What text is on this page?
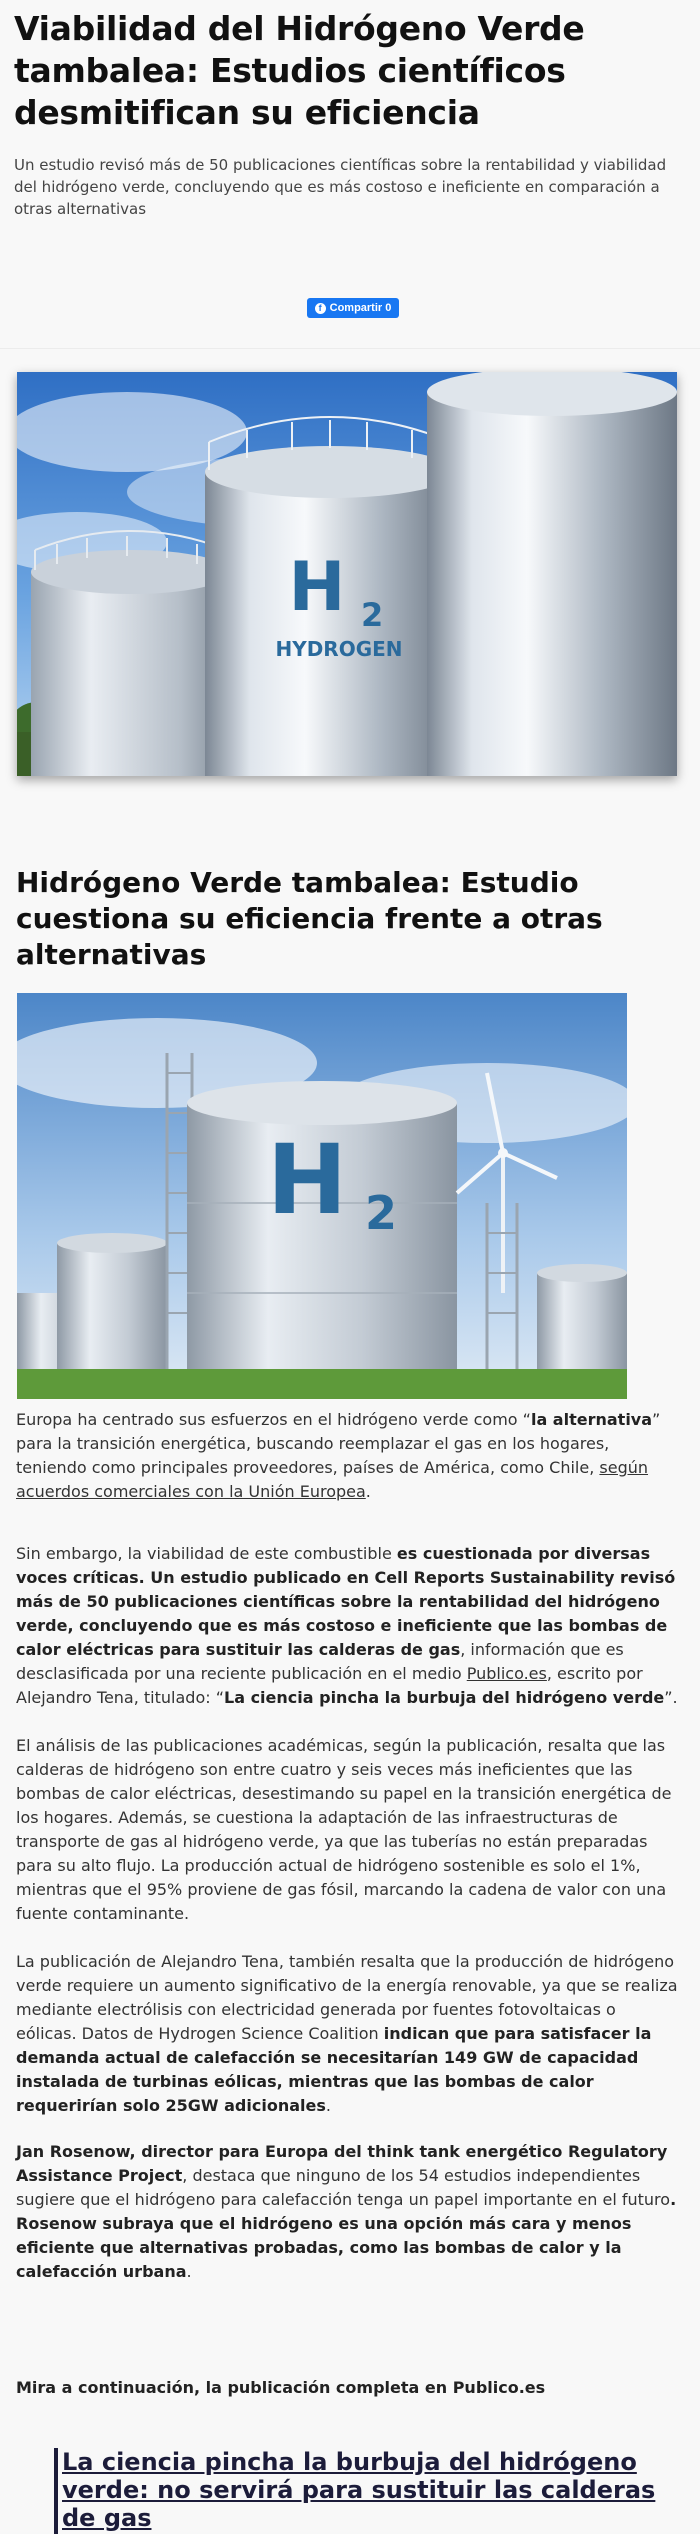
Viabilidad del Hidrógeno Verde tambalea: Estudios científicos desmitifican su eficiencia

Un estudio revisó más de 50 publicaciones científicas sobre la rentabilidad y viabilidad del hidrógeno verde, concluyendo que es más costoso e ineficiente en comparación a otras alternativas

f Compartir 0
H 2
HYDROGEN
Hidrógeno Verde tambalea: Estudio cuestiona su eficiencia frente a otras alternativas
H 2

Europa ha centrado sus esfuerzos en el hidrógeno verde como “la alternativa” para la transición energética, buscando reemplazar el gas en los hogares, teniendo como principales proveedores, países de América, como Chile, según acuerdos comerciales con la Unión Europea.

Sin embargo, la viabilidad de este combustible es cuestionada por diversas voces críticas. Un estudio publicado en Cell Reports Sustainability revisó más de 50 publicaciones científicas sobre la rentabilidad del hidrógeno verde, concluyendo que es más costoso e ineficiente que las bombas de calor eléctricas para sustituir las calderas de gas, información que es desclasificada por una reciente publicación en el medio Publico.es, escrito por Alejandro Tena, titulado: “La ciencia pincha la burbuja del hidrógeno verde”.

El análisis de las publicaciones académicas, según la publicación, resalta que las calderas de hidrógeno son entre cuatro y seis veces más ineficientes que las bombas de calor eléctricas, desestimando su papel en la transición energética de los hogares. Además, se cuestiona la adaptación de las infraestructuras de transporte de gas al hidrógeno verde, ya que las tuberías no están preparadas para su alto flujo. La producción actual de hidrógeno sostenible es solo el 1%, mientras que el 95% proviene de gas fósil, marcando la cadena de valor con una fuente contaminante.

La publicación de Alejandro Tena, también resalta que la producción de hidrógeno verde requiere un aumento significativo de la energía renovable, ya que se realiza mediante electrólisis con electricidad generada por fuentes fotovoltaicas o eólicas. Datos de Hydrogen Science Coalition indican que para satisfacer la demanda actual de calefacción se necesitarían 149 GW de capacidad instalada de turbinas eólicas, mientras que las bombas de calor requerirían solo 25GW adicionales.

Jan Rosenow, director para Europa del think tank energético Regulatory Assistance Project, destaca que ninguno de los 54 estudios independientes sugiere que el hidrógeno para calefacción tenga un papel importante en el futuro. Rosenow subraya que el hidrógeno es una opción más cara y menos eficiente que alternativas probadas, como las bombas de calor y la calefacción urbana.

Mira a continuación, la publicación completa en Publico.es

La ciencia pincha la burbuja del hidrógeno verde: no servirá para sustituir las calderas de gas
